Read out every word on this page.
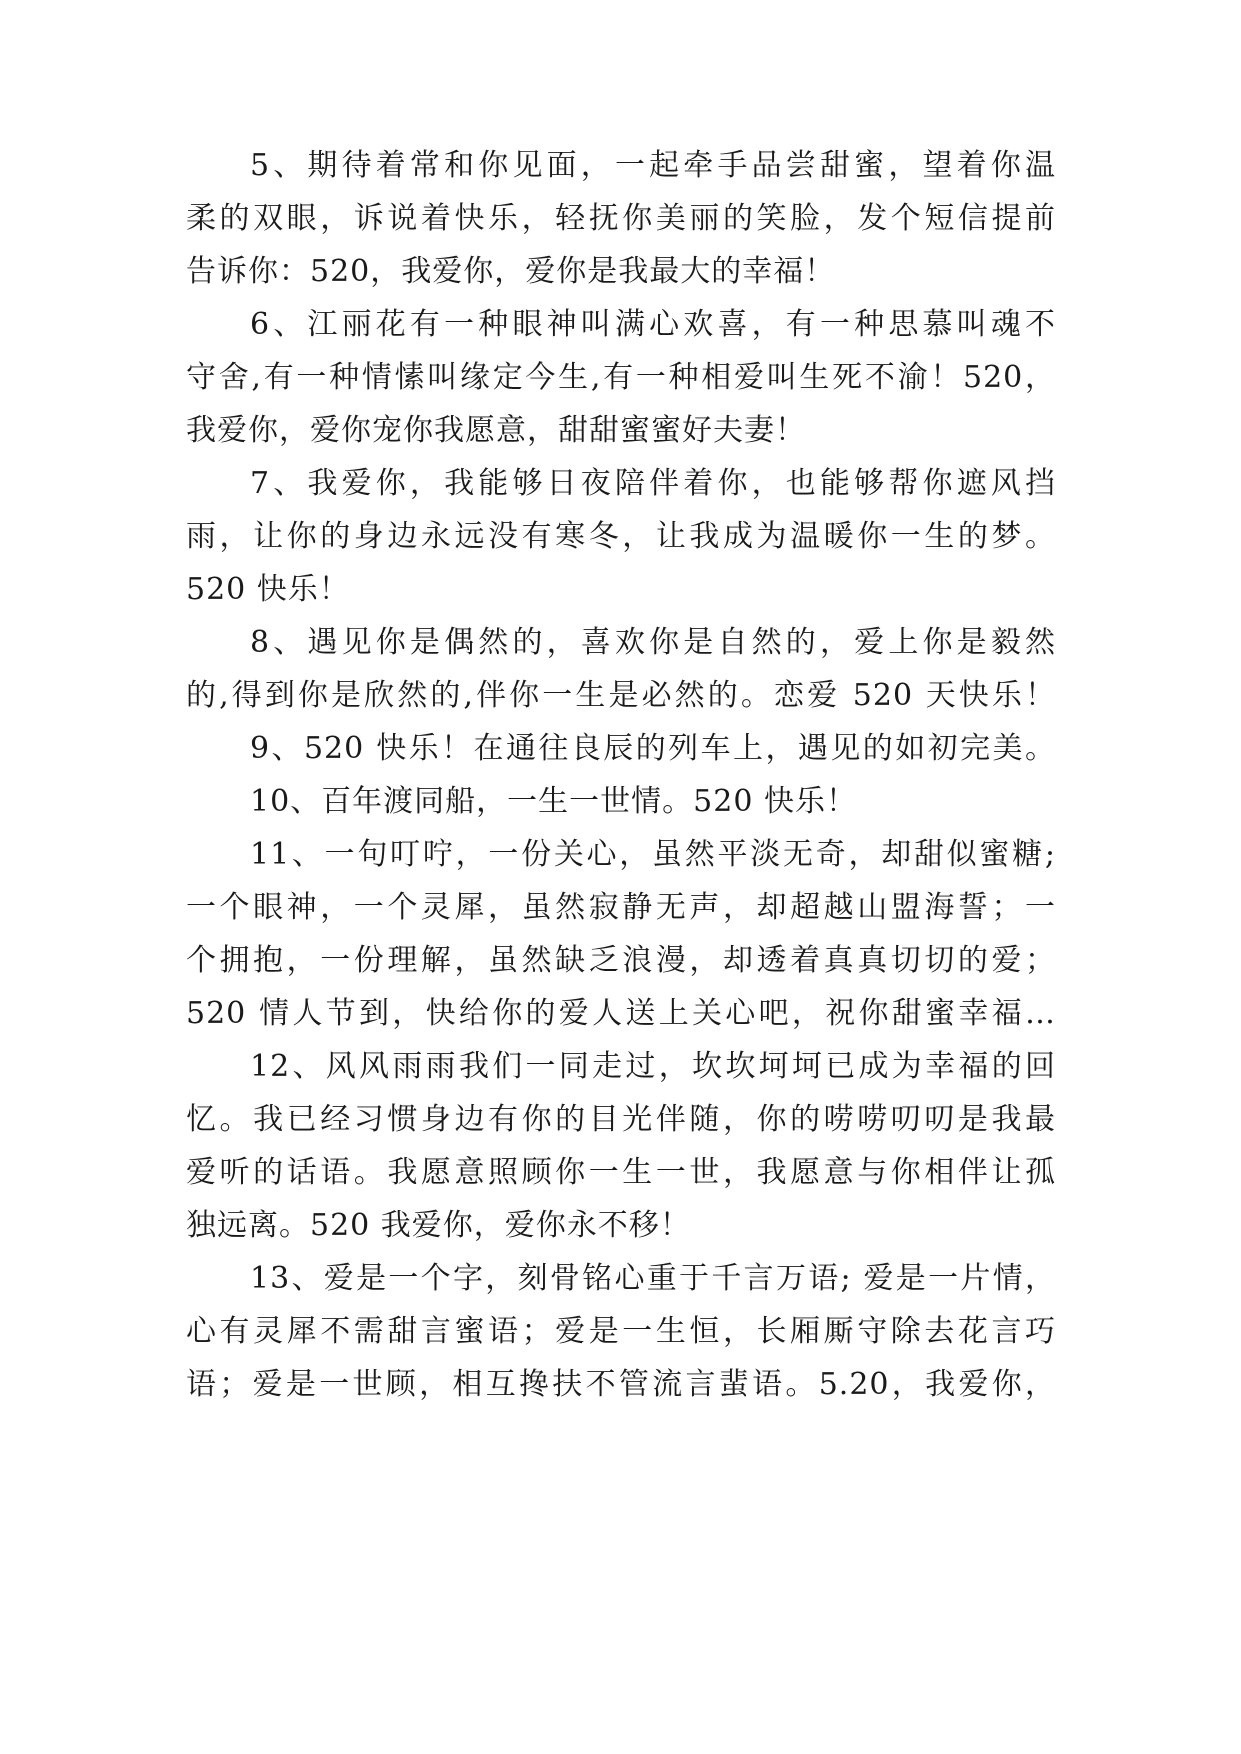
5、期待着常和你见面，一起牵手品尝甜蜜，望着你温
柔的双眼，诉说着快乐，轻抚你美丽的笑脸，发个短信提前
告诉你：520，我爱你，爱你是我最大的幸福！
6、江丽花有一种眼神叫满心欢喜，有一种思慕叫魂不
守舍,有一种情愫叫缘定今生,有一种相爱叫生死不渝！520，
我爱你，爱你宠你我愿意，甜甜蜜蜜好夫妻！
7、我爱你，我能够日夜陪伴着你，也能够帮你遮风挡
雨，让你的身边永远没有寒冬，让我成为温暖你一生的梦。
520 快乐！
8、遇见你是偶然的，喜欢你是自然的，爱上你是毅然
的,得到你是欣然的,伴你一生是必然的。恋爱 520 天快乐！
9、520 快乐！在通往良辰的列车上，遇见的如初完美。
10、百年渡同船，一生一世情。520 快乐！
11、一句叮咛，一份关心，虽然平淡无奇，却甜似蜜糖;
一个眼神，一个灵犀，虽然寂静无声，却超越山盟海誓；一
个拥抱，一份理解，虽然缺乏浪漫，却透着真真切切的爱；
520 情人节到，快给你的爱人送上关心吧，祝你甜蜜幸福…
12、风风雨雨我们一同走过，坎坎坷坷已成为幸福的回
忆。我已经习惯身边有你的目光伴随，你的唠唠叨叨是我最
爱听的话语。我愿意照顾你一生一世，我愿意与你相伴让孤
独远离。520 我爱你，爱你永不移！
13、爱是一个字，刻骨铭心重于千言万语; 爱是一片情，
心有灵犀不需甜言蜜语；爱是一生恒，长厢厮守除去花言巧
语；爱是一世顾，相互搀扶不管流言蜚语。5.20，我爱你，
